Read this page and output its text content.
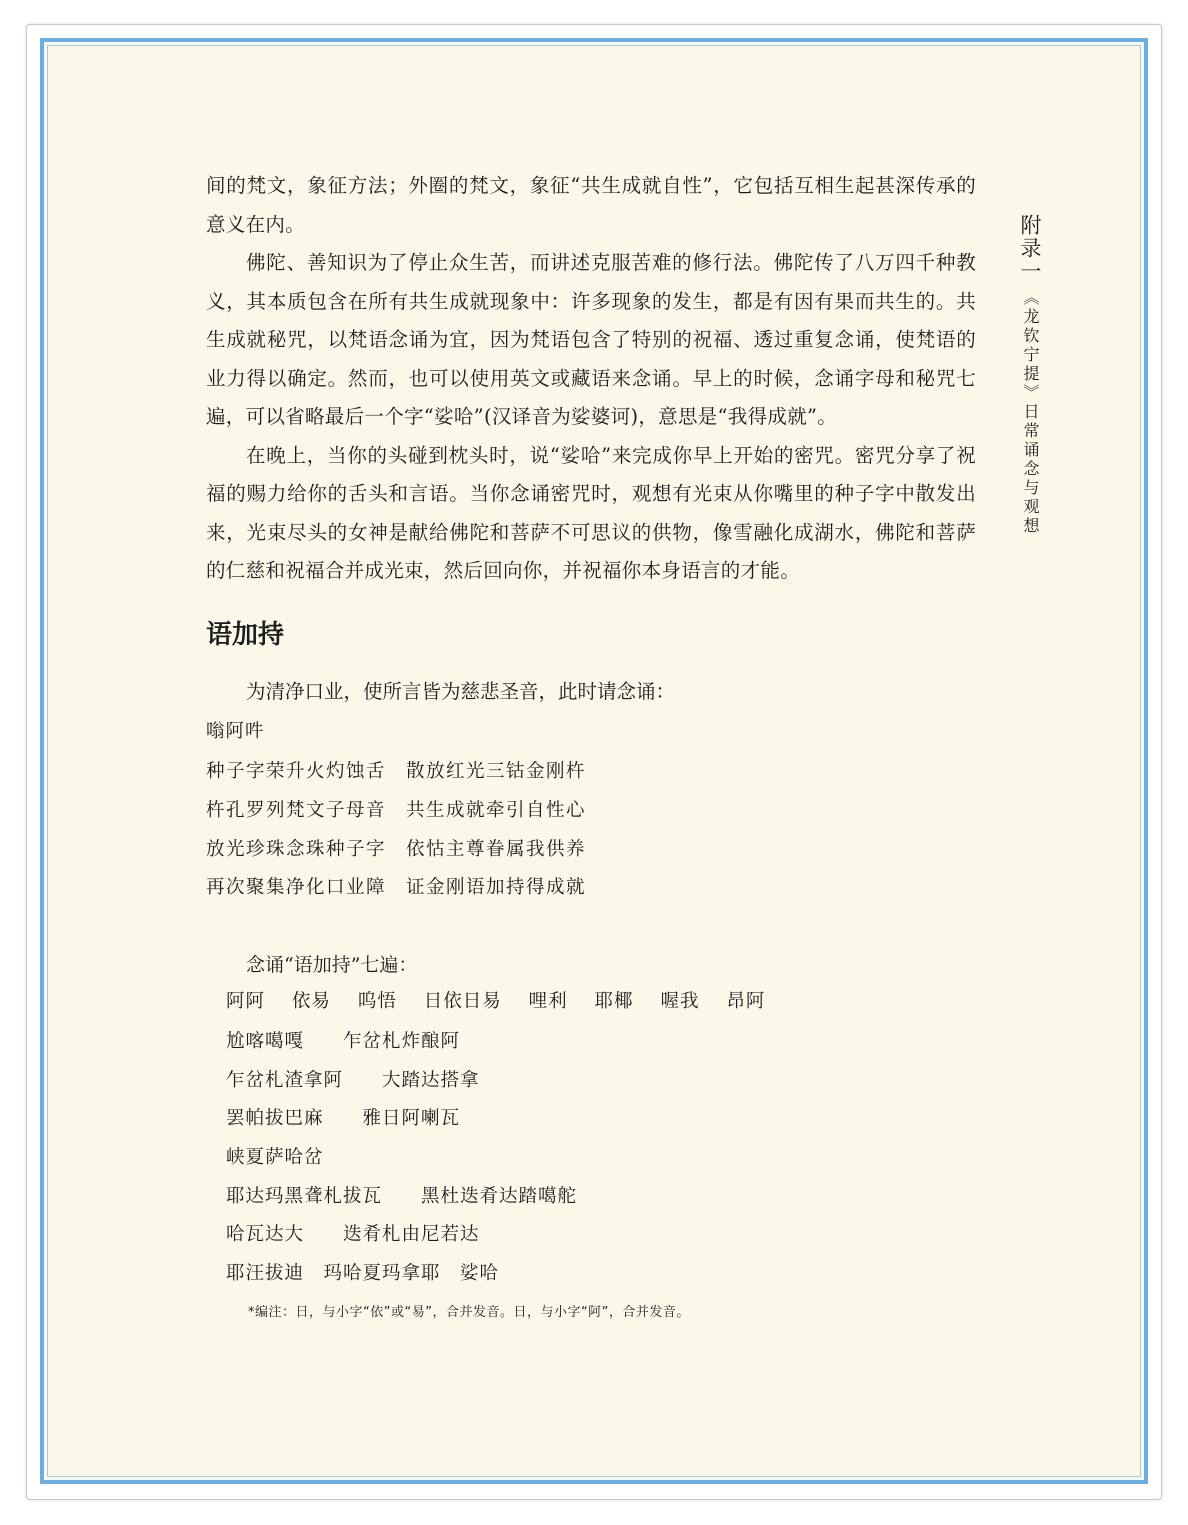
附录一
《龙钦宁提》日常诵念与观想

间的梵文，象征方法；外圈的梵文，象征“共生成就自性”，它包括互相生起甚深传承的意义在内。

佛陀、善知识为了停止众生苦，而讲述克服苦难的修行法。佛陀传了八万四千种教义，其本质包含在所有共生成就现象中：许多现象的发生，都是有因有果而共生的。共生成就秘咒，以梵语念诵为宜，因为梵语包含了特别的祝福、透过重复念诵，使梵语的业力得以确定。然而，也可以使用英文或藏语来念诵。早上的时候，念诵字母和秘咒七遍，可以省略最后一个字“娑哈”(汉译音为娑婆诃)，意思是“我得成就”。

在晚上，当你的头碰到枕头时，说“娑哈”来完成你早上开始的密咒。密咒分享了祝福的赐力给你的舌头和言语。当你念诵密咒时，观想有光束从你嘴里的种子字中散发出来，光束尽头的女神是献给佛陀和菩萨不可思议的供物，像雪融化成湖水，佛陀和菩萨的仁慈和祝福合并成光束，然后回向你，并祝福你本身语言的才能。

语加持
为清净口业，使所言皆为慈悲圣音，此时请念诵：
嗡阿吽
种子字荣升火灼蚀舌 散放红光三钴金刚杵
杵孔罗列梵文子母音 共生成就牵引自性心
放光珍珠念珠种子字 依怙主尊眷属我供养
再次聚集净化口业障 证金刚语加持得成就
念诵“语加持”七遍：
阿阿 依易 呜悟 日依日易 哩利 耶椰 喔我 昂阿
尬喀噶嘎　　乍岔札炸酿阿
乍岔札渣拿阿　　大踏达搭拿
罢帕拔巴麻　　雅日阿喇瓦
峡夏萨哈岔
耶达玛黑聋札拔瓦　　黑杜迭肴达踏噶舵
哈瓦达大　　迭肴札由尼若达
耶汪拔迪　玛哈夏玛拿耶　娑哈
*编注：日，与小字“依”或“易”，合并发音。日，与小字“阿”，合并发音。
